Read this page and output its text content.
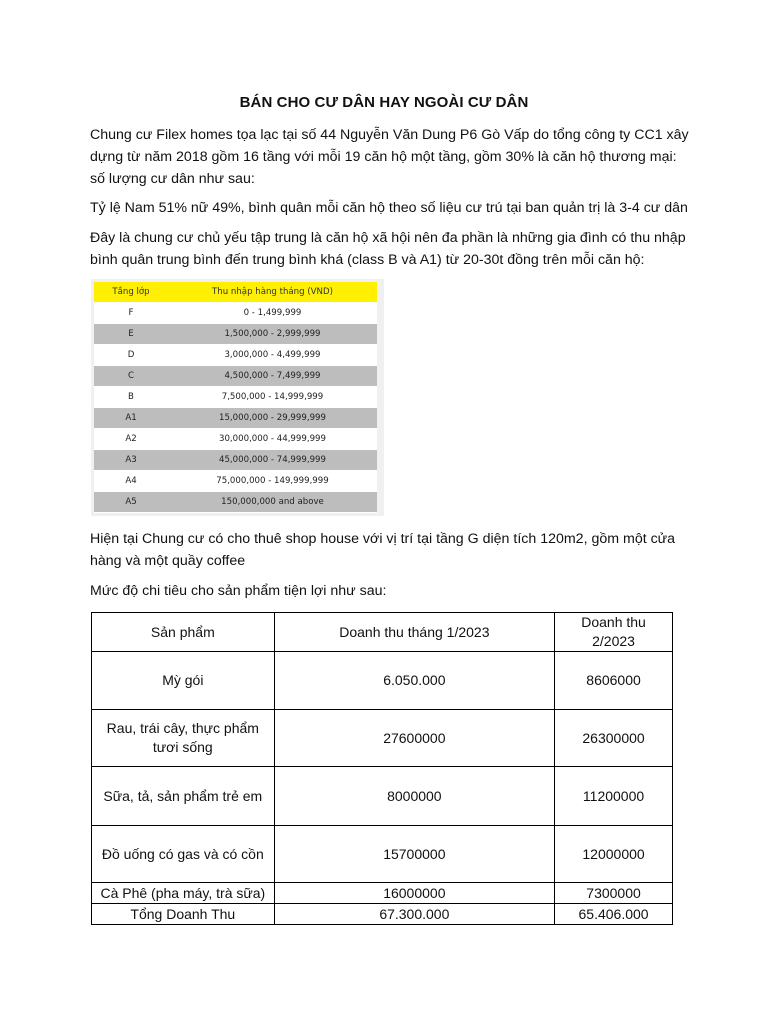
BÁN CHO CƯ DÂN HAY NGOÀI CƯ DÂN

Chung cư Filex homes tọa lạc tại số 44 Nguyễn Văn Dung P6 Gò Vấp do tổng công ty CC1 xây dựng từ năm 2018 gồm 16 tầng với mỗi 19 căn hộ một tầng, gồm 30% là căn hộ thương mại: số lượng cư dân như sau:

Tỷ lệ Nam 51% nữ 49%, bình quân mỗi căn hộ theo số liệu cư trú tại ban quản trị là 3-4 cư dân

Đây là chung cư chủ yếu tập trung là căn hộ xã hội nên đa phần là những gia đình có thu nhập bình quân trung bình đến trung bình khá (class B và A1) từ 20-30t đồng trên mỗi căn hộ:

Tầng lớp	Thu nhập hàng tháng (VND)
F	0 - 1,499,999
E	1,500,000 - 2,999,999
D	3,000,000 - 4,499,999
C	4,500,000 - 7,499,999
B	7,500,000 - 14,999,999
A1	15,000,000 - 29,999,999
A2	30,000,000 - 44,999,999
A3	45,000,000 - 74,999,999
A4	75,000,000 - 149,999,999
A5	150,000,000 and above

Hiện tại Chung cư có cho thuê shop house với vị trí tại tầng G diện tích 120m2, gồm một cửa hàng và một quầy coffee

Mức độ chi tiêu cho sản phẩm tiện lợi như sau:

Sản phẩm	Doanh thu tháng 1/2023	Doanh thu 2/2023
Mỳ gói	6.050.000	8606000
Rau, trái cây, thực phẩm tươi sống	27600000	26300000
Sữa, tả, sản phẩm trẻ em	8000000	11200000
Đồ uống có gas và có cồn	15700000	12000000
Cà Phê (pha máy, trà sữa)	16000000	7300000
Tổng Doanh Thu	67.300.000	65.406.000
